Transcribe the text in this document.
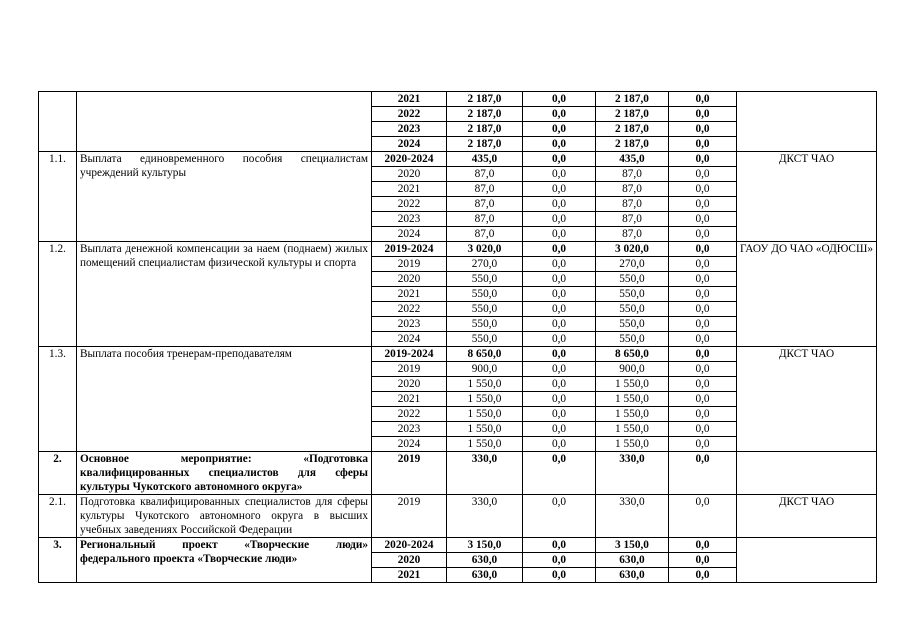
		2021	2 187,0	0,0	2 187,0	0,0	
		2022	2 187,0	0,0	2 187,0	0,0	
		2023	2 187,0	0,0	2 187,0	0,0	
		2024	2 187,0	0,0	2 187,0	0,0	
1.1.	Выплата единовременного пособия специалистам учреждений культуры	2020-2024	435,0	0,0	435,0	0,0	ДКСТ ЧАО
		2020	87,0	0,0	87,0	0,0	
		2021	87,0	0,0	87,0	0,0	
		2022	87,0	0,0	87,0	0,0	
		2023	87,0	0,0	87,0	0,0	
		2024	87,0	0,0	87,0	0,0	
1.2.	Выплата денежной компенсации за наем (поднаем) жилых помещений специалистам физической культуры и спорта	2019-2024	3 020,0	0,0	3 020,0	0,0	ГАОУ ДО ЧАО «ОДЮСШ»
		2019	270,0	0,0	270,0	0,0	
		2020	550,0	0,0	550,0	0,0	
		2021	550,0	0,0	550,0	0,0	
		2022	550,0	0,0	550,0	0,0	
		2023	550,0	0,0	550,0	0,0	
		2024	550,0	0,0	550,0	0,0	
1.3.	Выплата пособия тренерам-преподавателям	2019-2024	8 650,0	0,0	8 650,0	0,0	ДКСТ ЧАО
		2019	900,0	0,0	900,0	0,0	
		2020	1 550,0	0,0	1 550,0	0,0	
		2021	1 550,0	0,0	1 550,0	0,0	
		2022	1 550,0	0,0	1 550,0	0,0	
		2023	1 550,0	0,0	1 550,0	0,0	
		2024	1 550,0	0,0	1 550,0	0,0	
2.	Основное мероприятие: «Подготовка квалифицированных специалистов для сферы культуры Чукотского автономного округа»	2019	330,0	0,0	330,0	0,0	
2.1.	Подготовка квалифицированных специалистов для сферы культуры Чукотского автономного округа в высших учебных заведениях Российской Федерации	2019	330,0	0,0	330,0	0,0	ДКСТ ЧАО
3.	Региональный проект «Творческие люди» федерального проекта «Творческие люди»	2020-2024	3 150,0	0,0	3 150,0	0,0	
		2020	630,0	0,0	630,0	0,0	
		2021	630,0	0,0	630,0	0,0	
